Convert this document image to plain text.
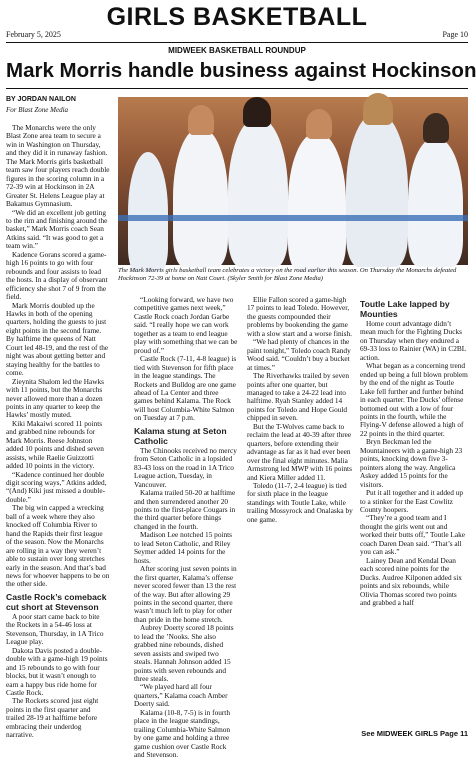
GIRLS BASKETBALL
February 5, 2025	Page 10
MIDWEEK BASKETBALL ROUNDUP
Mark Morris handle business against Hockinson
BY JORDAN NAILON
For Blast Zone Media
The Mark Morris girls basketball team celebrates a victory on the road earlier this season. On Thursday the Monarchs defeated Hockinson 72-39 at home on Natt Court. (Skyler Smith for Blast Zone Media)

The Monarchs were the only Blast Zone area team to secure a win in Washington on Thursday, and they did it in runaway fashion. The Mark Morris girls basketball team saw four players reach double figures in the scoring column in a 72-39 win at Hockinson in 2A Greater St. Helens League play at Bakamus Gymnasium.

“We did an excellent job getting to the rim and finishing around the basket,” Mark Morris coach Sean Atkins said. “It was good to get a team win.”

Kadence Gorans scored a game-high 16 points to go with four rebounds and four assists to lead the hosts. In a display of observant efficiency she shot 7 of 9 from the field.

Mark Morris doubled up the Hawks in both of the opening quarters, holding the guests to just eight points in the second frame. By halftime the queens of Natt Court led 48-19, and the rest of the night was about getting better and staying healthy for the battles to come.

Zieynita Shalom led the Hawks with 11 points, but the Monarchs never allowed more than a dozen points in any quarter to keep the Hawks’ mostly muted.

Kiki Makaiwi scored 11 points and grabbed nine rebounds for Mark Morris. Reese Johnston added 10 points and dished seven assists, while Raelie Guizzotti added 10 points in the victory.

“Kadence continued her double digit scoring ways,” Atkins added, “(And) Kiki just missed a double-double.”

The big win capped a wrecking ball of a week where they also knocked off Columbia River to hand the Rapids their first league of the season. Now the Monarchs are rolling in a way they weren’t able to sustain over long stretches early in the season. And that’s bad news for whoever happens to be on the other side.

Castle Rock’s comeback cut short at Stevenson

A poor start came back to bite the Rockets in a 54-46 loss at Stevenson, Thursday, in 1A Trico League play.

Dakota Davis posted a double-double with a game-high 19 points and 15 rebounds to go with four blocks, but it wasn’t enough to earn a happy bus ride home for Castle Rock.

The Rockets scored just eight points in the first quarter and trailed 28-19 at halftime before embracing their underdog narrative.

“Looking forward, we have two competitive games next week,” Castle Rock coach Jordan Garbe said. “I really hope we can work together as a team to end league play with something that we can be proud of.”

Castle Rock (7-11, 4-8 league) is tied with Stevenson for fifth place in the league standings. The Rockets and Bulldog are one game ahead of La Center and three games behind Kalama. The Rock will host Columbia-White Salmon on Tuesday at 7 p.m.

Kalama stung at Seton Catholic

The Chinooks received no mercy from Seton Catholic in a lopsided 83-43 loss on the road in 1A Trico League action, Tuesday, in Vancouver.

Kalama trailed 50-20 at halftime and then surrendered another 20 points to the first-place Cougars in the third quarter before things changed in the fourth.

Madison Lee notched 15 points to lead Seton Catholic, and Riley Seymer added 14 points for the hosts.

After scoring just seven points in the first quarter, Kalama’s offense never scored fewer than 13 the rest of the way. But after allowing 29 points in the second quarter, there wasn’t much left to play for other than pride in the home stretch.

Aubrey Doerty scored 18 points to lead the ’Nooks. She also grabbed nine rebounds, dished seven assists and swiped two steals. Hannah Johnson added 15 points with seven rebounds and three steals.

“We played hard all four quarters,” Kalama coach Amber Doerty said.

Kalama (10-8, 7-5) is in fourth place in the league standings, trailing Columbia-White Salmon by one game and holding a three game cushion over Castle Rock and Stevenson.

Ellie Fallon scored a game-high 17 points to lead Toledo. However, the guests compounded their problems by bookending the game with a slow start and a worse finish.

“We had plenty of chances in the paint tonight,” Toledo coach Randy Wood said. “Couldn’t buy a bucket at times.”

The Riverhawks trailed by seven points after one quarter, but managed to take a 24-22 lead into halftime. Ryah Stanley added 14 points for Toledo and Hope Gould chipped in seven.

But the T-Wolves came back to reclaim the lead at 40-39 after three quarters, before extending their advantage as far as it had ever been over the final eight minutes. Malia Armstrong led MWP with 16 points and Kiera Miller added 11.

Toledo (11-7, 2-4 league) is tied for sixth place in the league standings with Toutle Lake, while trailing Mossyrock and Onalaska by one game.

Toutle Lake lapped by Mounties

Home court advantage didn’t mean much for the Fighting Ducks on Thursday when they endured a 69-33 loss to Rainier (WA) in C2BL action.

What began as a concerning trend ended up being a full blown problem by the end of the night as Toutle Lake fell further and further behind in each quarter. The Ducks’ offense bottomed out with a low of four points in the fourth, while the Flying-V defense allowed a high of 22 points in the third quarter.

Bryn Beckman led the Mountaineers with a game-high 23 points, knocking down five 3-pointers along the way. Angelica Askey added 15 points for the visitors.

Put it all together and it added up to a stinker for the East Cowlitz County hoopers.

“They’re a good team and I thought the girls went out and worked their butts off,” Toutle Lake coach Daren Dean said. “That’s all you can ask.”

Lainey Dean and Kendal Dean each scored nine points for the Ducks. Audree Kilponen added six points and six rebounds, while Olivia Thomas scored two points and grabbed a half

See MIDWEEK GIRLS Page 11
